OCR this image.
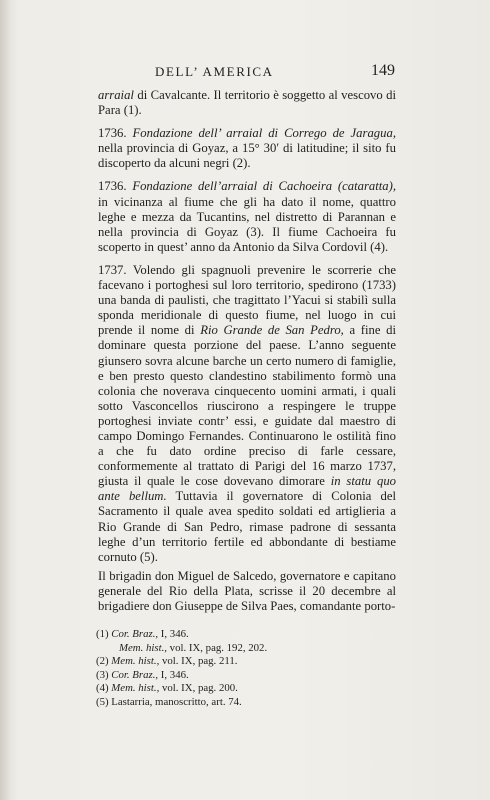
DELL’ AMERICA	149

arraial di Cavalcante. Il territorio è soggetto al vescovo di Para (1).

1736. Fondazione dell’ arraial di Corregо de Jaragua, nella provincia di Goyaz, a 15° 30′ di latitudine; il sito fu discoperto da alcuni negri (2).

1736. Fondazione dell’arraial di Cachoeira (cataratta), in vicinanza al fiume che gli ha dato il nome, quattro leghe e mezza da Tucantins, nel distretto di Parannan e nella provincia di Goyaz (3). Il fiume Cachoeira fu scoperto in quest’ anno da Antonio da Silva Cordovil (4).

1737. Volendo gli spagnuoli prevenire le scorrerie che facevano i portoghesi sul loro territorio, spedirono (1733) una banda di paulisti, che tragittato l’Yacui si stabilì sulla sponda meridionale di questo fiume, nel luogo in cui prende il nome di Rio Grande de San Pedro, a fine di dominare questa porzione del paese. L’anno seguente giunsero sovra alcune barche un certo numero di famiglie, e ben presto questo clandestino stabilimento formò una colonia che noverava cinquecento uomini armati, i quali sotto Vasconcellos riuscirono a respingere le truppe portoghesi inviate contr’ essi, e guidate dal maestro di campo Domingo Fernandes. Continuarono le ostilità fino a che fu dato ordine preciso di farle cessare, conformemente al trattato di Parigi del 16 marzo 1737, giusta il quale le cose dovevano dimorare in statu quo ante bellum. Tuttavia il governatore di Colonia del Sacramento il quale avea spedito soldati ed artiglieria a Rio Grande di San Pedro, rimase padrone di sessanta leghe d’un territorio fertile ed abbondante di bestiame cornuto (5).

Il brigadin don Miguel de Salcedo, governatore e capitano generale del Rio della Plata, scrisse il 20 decembre al brigadiere don Giuseppe de Silva Paes, comandante porto-

(1) Cor. Braz., I, 346.
Mem. hist., vol. IX, pag. 192, 202.
(2) Mem. hist., vol. IX, pag. 211.
(3) Cor. Braz., I, 346.
(4) Mem. hist., vol. IX, pag. 200.
(5) Lastarria, manoscritto, art. 74.
